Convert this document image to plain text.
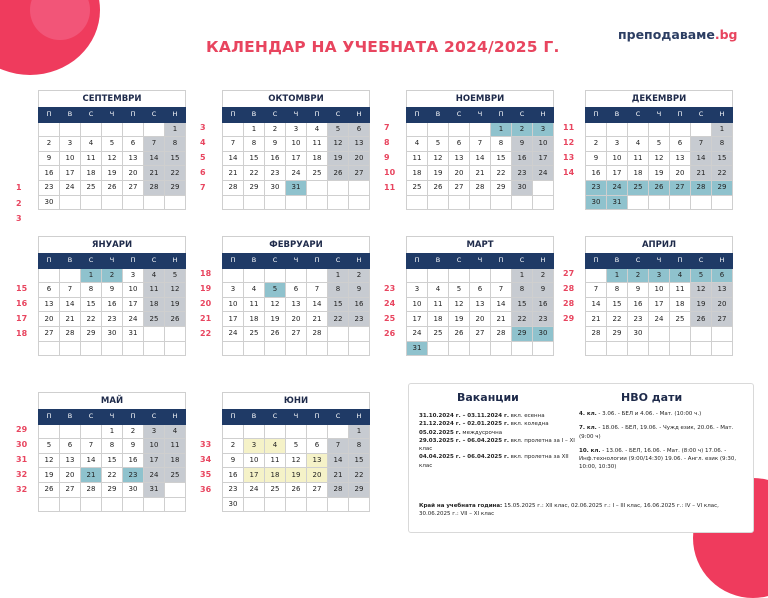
КАЛЕНДАР НА УЧЕБНАТА 2024/2025 Г.
преподаваме.bg
СЕПТЕМВРИ
П	В	С	Ч	П	С	Н
						1
2	3	4	5	6	7	8
9	10	11	12	13	14	15
16	17	18	19	20	21	22
23	24	25	26	27	28	29
30						
1
2
3
ОКТОМВРИ
П	В	С	Ч	П	С	Н
	1	2	3	4	5	6
7	8	9	10	11	12	13
14	15	16	17	18	19	20
21	22	23	24	25	26	27
28	29	30	31			

3
4
5
6
7
НОЕМВРИ
П	В	С	Ч	П	С	Н
				1	2	3
4	5	6	7	8	9	10
11	12	13	14	15	16	17
18	19	20	21	22	23	24
25	26	27	28	29	30	

7
8
9
10
11
ДЕКЕМВРИ
П	В	С	Ч	П	С	Н
						1
2	3	4	5	6	7	8
9	10	11	12	13	14	15
16	17	18	19	20	21	22
23	24	25	26	27	28	29
30	31					
11
12
13
14
ЯНУАРИ
П	В	С	Ч	П	С	Н
		1	2	3	4	5
6	7	8	9	10	11	12
13	14	15	16	17	18	19
20	21	22	23	24	25	26
27	28	29	30	31		

15
16
17
18
ФЕВРУАРИ
П	В	С	Ч	П	С	Н
					1	2
3	4	5	6	7	8	9
10	11	12	13	14	15	16
17	18	19	20	21	22	23
24	25	26	27	28		

18
19
20
21
22
МАРТ
П	В	С	Ч	П	С	Н
					1	2
3	4	5	6	7	8	9
10	11	12	13	14	15	16
17	18	19	20	21	22	23
24	25	26	27	28	29	30
31						
23
24
25
26
АПРИЛ
П	В	С	Ч	П	С	Н
	1	2	3	4	5	6
7	8	9	10	11	12	13
14	15	16	17	18	19	20
21	22	23	24	25	26	27
28	29	30				

27
28
28
29
МАЙ
П	В	С	Ч	П	С	Н
			1	2	3	4
5	6	7	8	9	10	11
12	13	14	15	16	17	18
19	20	21	22	23	24	25
26	27	28	29	30	31	

29
30
31
32
32
ЮНИ
П	В	С	Ч	П	С	Н
						1
2	3	4	5	6	7	8
9	10	11	12	13	14	15
16	17	18	19	20	21	22
23	24	25	26	27	28	29
30						
33
34
35
36
Ваканции	НВО дати
31.10.2024 г. – 03.11.2024 г. вкл. есенна
21.12.2024 г. – 02.01.2025 г. вкл. коледна
05.02.2025 г. междусрочна
29.03.2025 г. – 06.04.2025 г. вкл. пролетна за I – XI клас
04.04.2025 г. – 06.04.2025 г. вкл. пролетна за XII клас
4. кл. - 3.06. - БЕЛ и 4.06. - Мат. (10:00 ч.)
7. кл. - 18.06. - БЕЛ, 19.06. - Чужд език, 20.06. - Мат. (9:00 ч)
10. кл. - 13.06. - БЕЛ, 16.06. - Мат. (8:00 ч) 17.06. - Инф.технологии (9:00/14:30) 19.06. - Англ. език (9:30, 10:00, 10:30)
Край на учебната година: 15.05.2025 г.: XII клас, 02.06.2025 г.: I – III клас, 16.06.2025 г.: IV – VI клас, 30.06.2025 г.: VII – XI клас
